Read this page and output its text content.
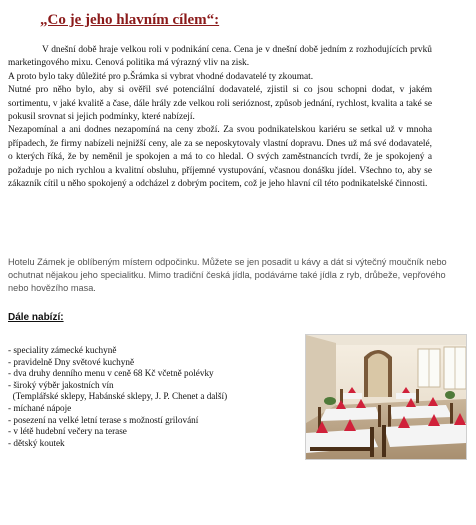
„Co je jeho hlavním cílem“:

V dnešní době hraje velkou roli v podnikání cena. Cena je v dnešní době jedním z rozhodujících prvků marketingového mixu. Cenová politika má výrazný vliv na zisk.

A proto bylo taky důležité pro p.Šrámka si vybrat vhodné dodavatelé ty zkoumat.

Nutné pro něho bylo, aby si ověřil své potenciální dodavatelé, zjistil si co jsou schopni dodat, v jakém sortimentu, v jaké kvalitě a čase, dále hrály zde velkou roli serióznost, způsob jednání, rychlost, kvalita a také se pokusil srovnat si jejich podmínky, které nabízejí.

Nezapomínal a ani dodnes nezapomíná na ceny zboží. Za svou podnikatelskou kariéru se setkal už v mnoha případech, že firmy nabízeli nejnižší ceny, ale za se neposkytovaly vlastní dopravu. Dnes už má své dodavatelé, o kterých říká, že by neměnil je spokojen a má to co hledal. O svých zaměstnancích tvrdí, že je spokojený a požaduje po nich rychlou a kvalitní obsluhu, příjemné vystupování, včasnou donášku jídel. Všechno to, aby se zákazník cítil u něho spokojený a odcházel z dobrým pocitem, což je jeho hlavní cíl této podnikatelské činnosti.

Hotelu Zámek je oblíbeným místem odpočinku. Můžete se jen posadit u kávy a dát si výtečný moučník nebo ochutnat nějakou jeho specialitku. Mimo tradiční česká jídla, podáváme také jídla z ryb, drůbeže, vepřového nebo hovězího masa.
Dále nabízí:
- speciality zámecké kuchyně
- pravidelně Dny světové kuchyně
- dva druhy denního menu v ceně 68 Kč včetně polévky
- široký výběr jakostních vín
(Templářské sklepy, Habánské sklepy, J. P. Chenet a další)
- míchané nápoje
- posezení na velké letní terase s možností grilování
- v létě hudební večery na terase
- dětský koutek
